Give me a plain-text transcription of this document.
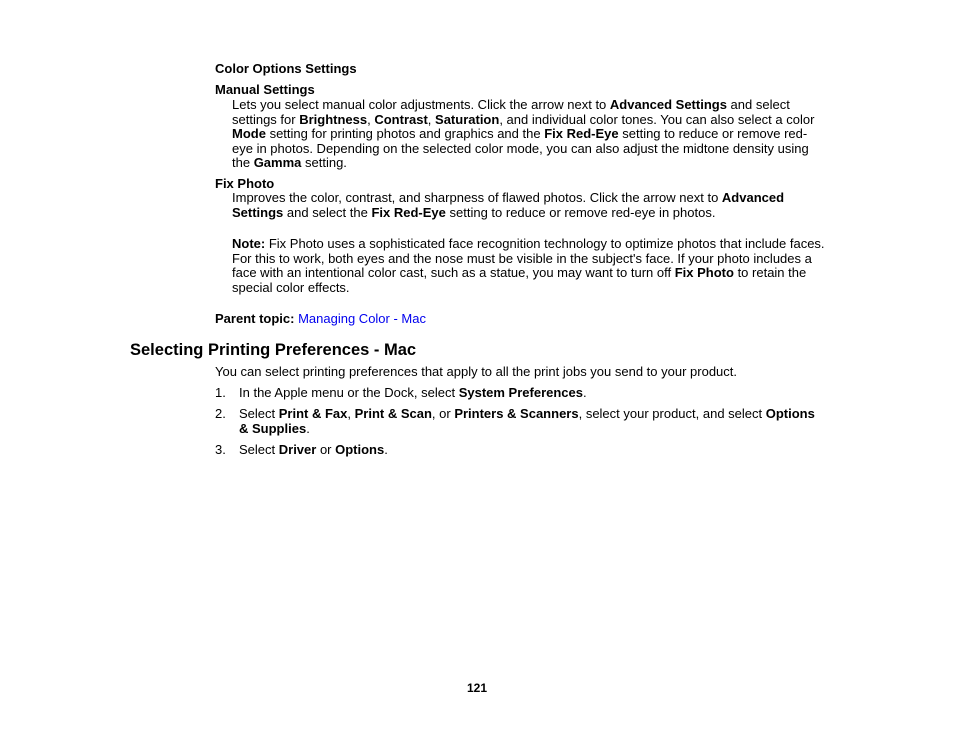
Color Options Settings
Manual Settings

Lets you select manual color adjustments. Click the arrow next to Advanced Settings and select settings for Brightness, Contrast, Saturation, and individual color tones. You can also select a color Mode setting for printing photos and graphics and the Fix Red-Eye setting to reduce or remove red-eye in photos. Depending on the selected color mode, you can also adjust the midtone density using the Gamma setting.

Fix Photo

Improves the color, contrast, and sharpness of flawed photos. Click the arrow next to Advanced Settings and select the Fix Red-Eye setting to reduce or remove red-eye in photos.

Note: Fix Photo uses a sophisticated face recognition technology to optimize photos that include faces. For this to work, both eyes and the nose must be visible in the subject's face. If your photo includes a face with an intentional color cast, such as a statue, you may want to turn off Fix Photo to retain the special color effects.

Parent topic: Managing Color - Mac
Selecting Printing Preferences - Mac

You can select printing preferences that apply to all the print jobs you send to your product.

1.	In the Apple menu or the Dock, select System Preferences.
2.	Select Print & Fax, Print & Scan, or Printers & Scanners, select your product, and select Options & Supplies.
3.	Select Driver or Options.
121
